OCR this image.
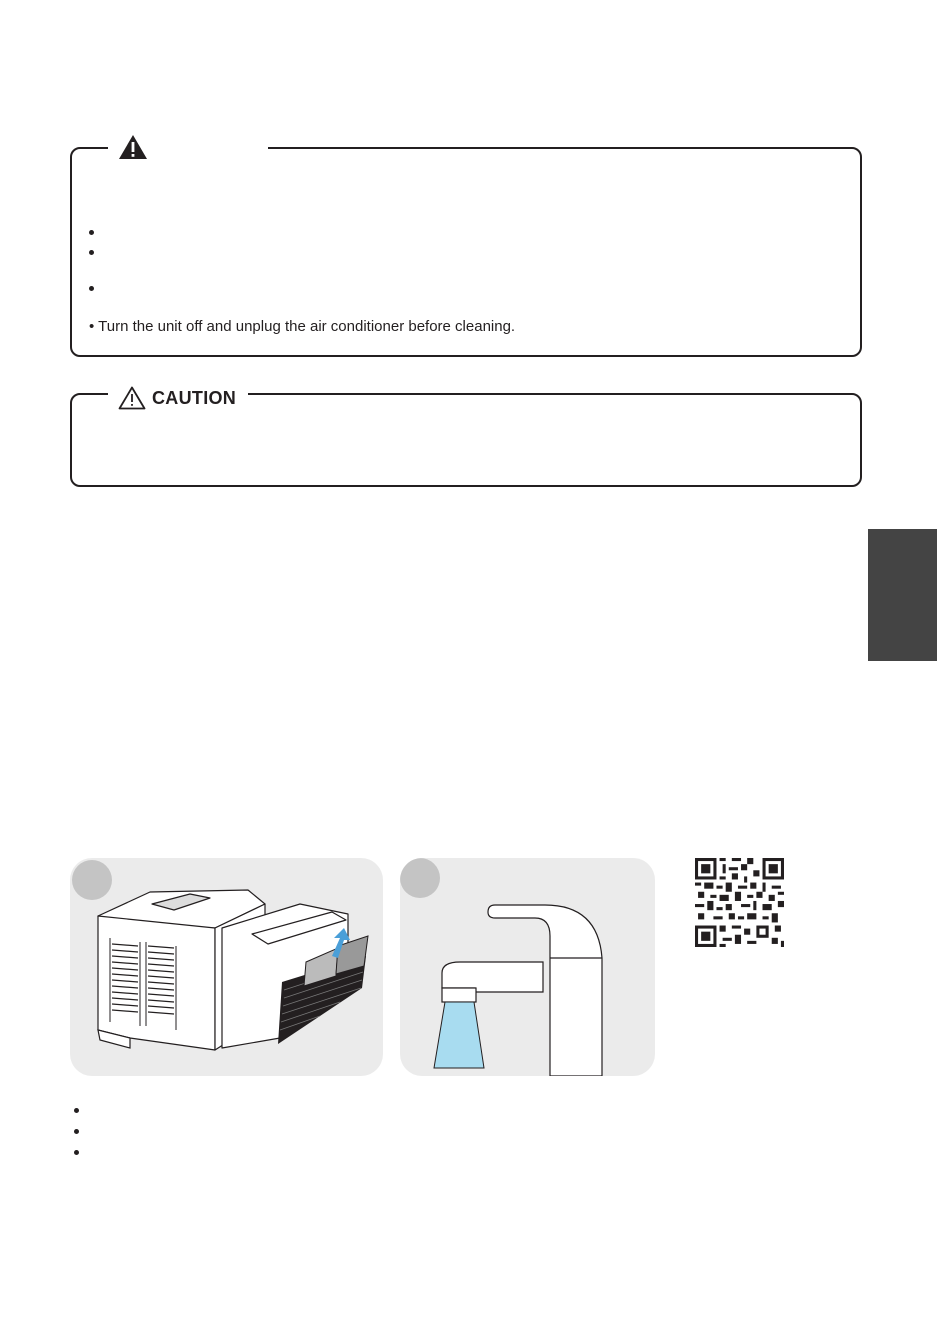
• Turn the unit off and unplug the air conditioner before cleaning.
CAUTION
